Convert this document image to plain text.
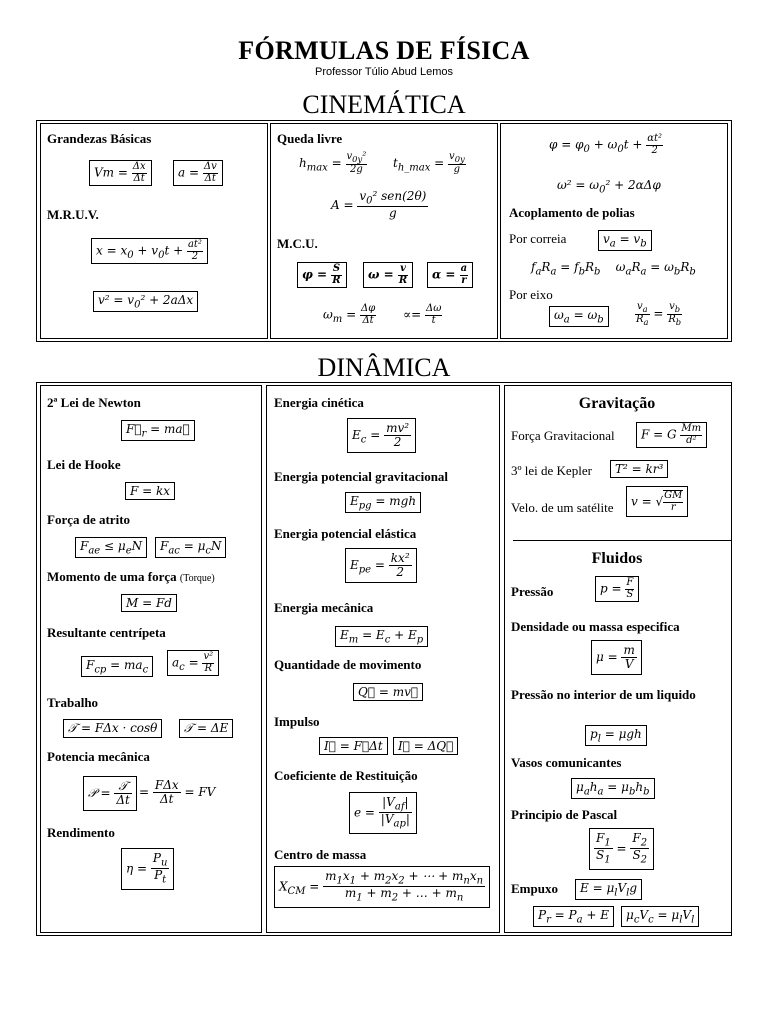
FÓRMULAS DE FÍSICA
Professor Túlio Abud Lemos
CINEMÁTICA
Grandezas Básicas
$Vm = \frac{\Delta x}{\Delta t}$	$a = \frac{\Delta v}{\Delta t}$
M.R.U.V.
$x = x_0 + v_0t + \frac{\text{at²}}{2}$
$v^2 = v_0^2 + 2a\Delta x$
Queda livre
$h_{max} = \frac{v_{0y}^2}{2g} t_{h\_max} = \frac{v_{0y}}{g}$
A =
$v_0^2$ sen(2θ)
g
M.C.U.
$\varphi = \frac{S}{R}$	$\omega = \frac{v}{R}$	$\alpha = \frac{a}{r}$
$\omega_m = \frac{\Delta\varphi}{\Delta t} \propto= \frac{\Delta\omega}{t}$
$\varphi = \varphi_0 + \omega_0t + \frac{\text{αt²}}{2}$
$\omega^2 = \omega_0^2 + 2\alpha\Delta\varphi$
Acoplamento de polias
Por correia	$v_a = v_b$
$f_aR_a = f_bR_b$    $\omega_aR_a = \omega_bR_b$
Por eixo
$\omega_a = \omega_b$	$\frac{v_a}{R_a} = \frac{v_b}{R_b}$
DINÂMICA
2ª Lei de Newton
$F⃗_r$ = ma⃗
Lei de Hooke
F = kx
Força de atrito
$F_{ae} \le \mu_eN$	$F_{ac} = \mu_cN$
Momento de uma força (Torque)
M = Fd
Resultante centrípeta
$F_{cp} = ma_c$
$a_c = \frac{\text{v²}}{R}$
Trabalho
𝒯 = FΔx · cosθ	𝒯 = ΔE
Potencia mecânica
𝒫 =
𝒯
Δt
=
FΔx
Δt = FV
Rendimento
$\eta = \frac{P_u}{P_t}$
Energia cinética
$E_c = \frac{\text{mv²}}{2}$
Energia potencial gravitacional
$E_{pg}$ = mgh
Energia potencial elástica
$E_{pe} = \frac{\text{kx²}}{2}$
Energia mecânica
$E_m = E_c + E_p$
Quantidade de movimento
Q⃗ = mv⃗
Impulso
I⃗ = F⃗Δt	I⃗ = ΔQ⃗
Coeficiente de Restituição
e =
$|V_{af}|$
$|V_{ap}|$
Centro de massa
$X_{CM}$ =
$m_1x_1 + m_2x_2$ + ⋯ + $m_nx_n$
$m_1 + m_2$ + … + $m_n$
Gravitação
Força Gravitacional	F = G $\frac{Mm}{\text{d²}}$
3º lei de Kepler	T² = kr³
Velo. de um satélite	v = √ $\frac{GM}{r}$
Fluidos
Pressão	$p = \frac{F}{S}$
Densidade ou massa especifica
$\mu = \frac{m}{V}$
Pressão no interior de um liquido
$p_l = \mu gh$
Vasos comunicantes
$\mu_ah_a = \mu_bh_b$
Principio de Pascal
$\frac{F_1}{S_1} = \frac{F_2}{S_2}$
Empuxo	$E = \mu_lV_lg$
$P_r = P_a + E$	$\mu_cV_c = \mu_lV_l$
